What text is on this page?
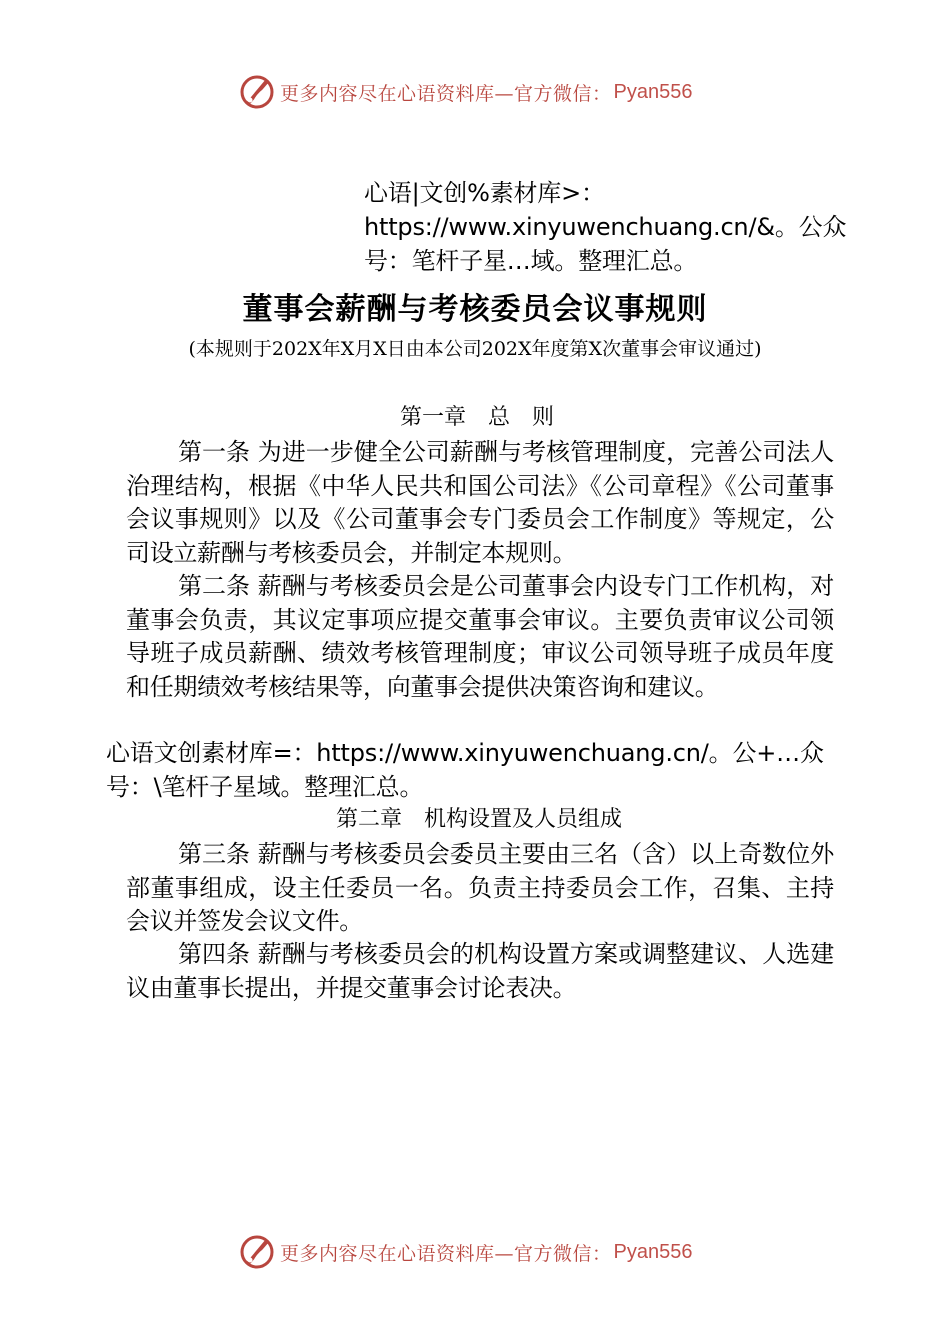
更多内容尽在心语资料库—官方微信： Pyan556
心语|文创%素材库>：https://www.xinyuwenchuang.cn/&。公众号：笔杆子星…域。整理汇总。
董事会薪酬与考核委员会议事规则
(本规则于202X年X月X日由本公司202X年度第X次董事会审议通过)
第一章　总　则
第一条 为进一步健全公司薪酬与考核管理制度，完善公司法人治理结构，根据《中华人民共和国公司法》《公司章程》《公司董事会议事规则》以及《公司董事会专门委员会工作制度》等规定，公司设立薪酬与考核委员会，并制定本规则。
第二条 薪酬与考核委员会是公司董事会内设专门工作机构，对董事会负责，其议定事项应提交董事会审议。主要负责审议公司领导班子成员薪酬、绩效考核管理制度；审议公司领导班子成员年度和任期绩效考核结果等，向董事会提供决策咨询和建议。
心语文创素材库=：https://www.xinyuwenchuang.cn/。公+…众号：\笔杆子星域。整理汇总。
第二章　机构设置及人员组成
第三条 薪酬与考核委员会委员主要由三名（含）以上奇数位外部董事组成，设主任委员一名。负责主持委员会工作，召集、主持会议并签发会议文件。
第四条 薪酬与考核委员会的机构设置方案或调整建议、人选建议由董事长提出，并提交董事会讨论表决。
更多内容尽在心语资料库—官方微信： Pyan556
